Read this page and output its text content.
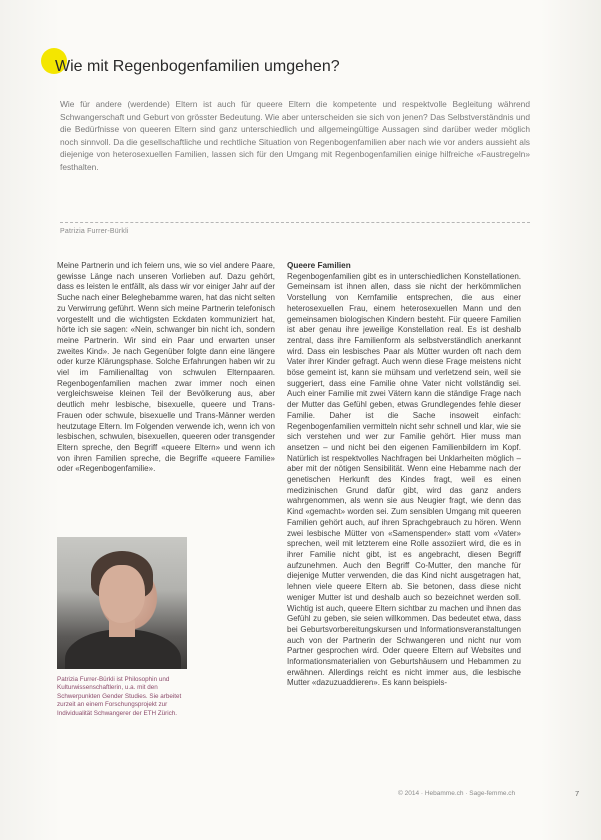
Wie mit Regenbogenfamilien umgehen?

Wie für andere (werdende) Eltern ist auch für queere Eltern die kompetente und respektvolle Begleitung während Schwangerschaft und Geburt von grösster Bedeutung. Wie aber unterscheiden sie sich von jenen? Das Selbstverständnis und die Bedürfnisse von queeren Eltern sind ganz unterschiedlich und allgemeingültige Aussagen sind darüber weder möglich noch sinnvoll. Da die gesellschaftliche und rechtliche Situation von Regenbogenfamilien aber nach wie vor anders aussieht als diejenige von heterosexuellen Familien, lassen sich für den Umgang mit Regenbogenfamilien einige hilfreiche «Faustregeln» festhalten.

Patrizia Furrer-Bürkli

Meine Partnerin und ich feiern uns, wie so viel andere Paare, gewisse Länge nach unseren Vorlieben auf. Dazu gehört, dass es leisten le entfällt, als dass wir vor einiger Jahr auf der Suche nach einer Beleghebamme waren, hat das nicht selten zu Verwirrung geführt. Wenn sich meine Partnerin telefonisch vorgestellt und die wichtigsten Eckdaten kommuniziert hat, hörte ich sie sagen: «Nein, schwanger bin nicht ich, sondern meine Partnerin. Wir sind ein Paar und erwarten unser zweites Kind». Je nach Gegenüber folgte dann eine längere oder kurze Klärungsphase. Solche Erfahrungen haben wir zu viel im Familienalltag von schwulen Elternpaaren. Regenbogenfamilien machen zwar immer noch einen vergleichsweise kleinen Teil der Bevölkerung aus, aber deutlich mehr lesbische, bisexuelle, queere und Trans-Frauen oder schwule, bisexuelle und Trans-Männer werden heutzutage Eltern. Im Folgenden verwende ich, wenn ich von lesbischen, schwulen, bisexuellen, queeren oder transgender Eltern spreche, den Begriff «queere Eltern» und wenn ich von ihren Familien spreche, die Begriffe «queere Familie» oder «Regenbogenfamilie».

Queere Familien

Regenbogenfamilien gibt es in unterschiedlichen Konstellationen. Gemeinsam ist ihnen allen, dass sie nicht der herkömmlichen Vorstellung von Kernfamilie entsprechen, die aus einer heterosexuellen Frau, einem heterosexuellen Mann und den gemeinsamen biologischen Kindern besteht. Für queere Familien ist aber genau ihre jeweilige Konstellation real. Es ist deshalb zentral, dass ihre Familienform als selbstverständlich anerkannt wird. Dass ein lesbisches Paar als Mütter wurden oft nach dem Vater ihrer Kinder gefragt. Auch wenn diese Frage meistens nicht böse gemeint ist, kann sie mühsam und verletzend sein, weil sie suggeriert, dass eine Familie ohne Vater nicht vollständig sei. Auch einer Familie mit zwei Vätern kann die ständige Frage nach der Mutter das Gefühl geben, etwas Grundlegendes fehle dieser Familie. Daher ist die Sache insoweit einfach: Regenbogenfamilien vermitteln nicht sehr schnell und klar, wie sie sich verstehen und wer zur Familie gehört. Hier muss man ansetzen – und nicht bei den eigenen Familienbildern im Kopf. Natürlich ist respektvolles Nachfragen bei Unklarheiten möglich – aber mit der nötigen Sensibilität. Wenn eine Hebamme nach der genetischen Herkunft des Kindes fragt, weil es einen medizinischen Grund dafür gibt, wird das ganz anders wahrgenommen, als wenn sie aus Neugier fragt, wie denn das Kind «gemacht» worden sei. Zum sensiblen Umgang mit queeren Familien gehört auch, auf ihren Sprachgebrauch zu hören. Wenn zwei lesbische Mütter von «Samenspender» statt vom «Vater» sprechen, weil mit letzterem eine Rolle assoziiert wird, die es in ihrer Familie nicht gibt, ist es angebracht, diesen Begriff aufzunehmen. Auch den Begriff Co-Mutter, den manche für diejenige Mutter verwenden, die das Kind nicht ausgetragen hat, lehnen viele queere Eltern ab. Sie betonen, dass diese nicht weniger Mutter ist und deshalb auch so bezeichnet werden soll. Wichtig ist auch, queere Eltern sichtbar zu machen und ihnen das Gefühl zu geben, sie seien willkommen. Das bedeutet etwa, dass bei Geburtsvorbereitungskursen und Informationsveranstaltungen auch von der Partnerin der Schwangeren und nicht nur vom Partner gesprochen wird. Oder queere Eltern auf Websites und Informationsmaterialien von Geburtshäusern und Hebammen zu erwähnen. Allerdings reicht es nicht immer aus, die lesbische Mutter «dazuzuaddieren». Es kann beispiels-

Patrizia Furrer-Bürkli ist Philosophin und Kulturwissenschaftlerin, u.a. mit den Schwerpunkten Gender Studies. Sie arbeitet zurzeit an einem Forschungsprojekt zur Individualität Schwangerer der ETH Zürich.
© 2014 · Hebamme.ch · Sage-femme.ch	7
